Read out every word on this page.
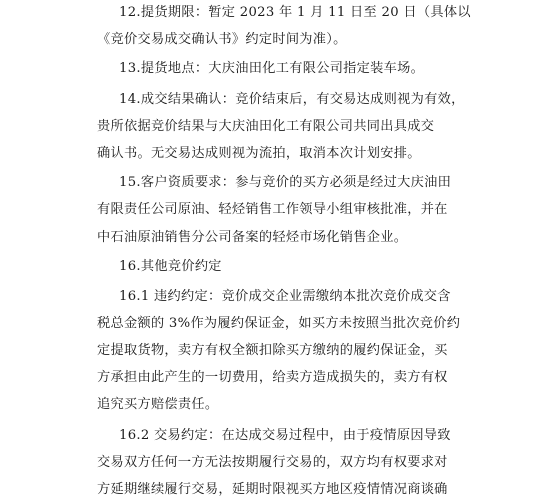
12.提货期限：暂定 2023 年 1 月 11 日至 20 日（具体以
《竞价交易成交确认书》约定时间为准）。
13.提货地点：大庆油田化工有限公司指定装车场。
14.成交结果确认：竞价结束后，有交易达成则视为有效，
贵所依据竞价结果与大庆油田化工有限公司共同出具成交
确认书。无交易达成则视为流拍，取消本次计划安排。
15.客户资质要求：参与竞价的买方必须是经过大庆油田
有限责任公司原油、轻烃销售工作领导小组审核批准，并在
中石油原油销售分公司备案的轻烃市场化销售企业。
16.其他竞价约定
16.1 违约约定：竞价成交企业需缴纳本批次竞价成交含
税总金额的 3%作为履约保证金，如买方未按照当批次竞价约
定提取货物，卖方有权全额扣除买方缴纳的履约保证金，买
方承担由此产生的一切费用，给卖方造成损失的，卖方有权
追究买方赔偿责任。
16.2 交易约定：在达成交易过程中，由于疫情原因导致
交易双方任何一方无法按期履行交易的，双方均有权要求对
方延期继续履行交易，延期时限视买方地区疫情情况商谈确
